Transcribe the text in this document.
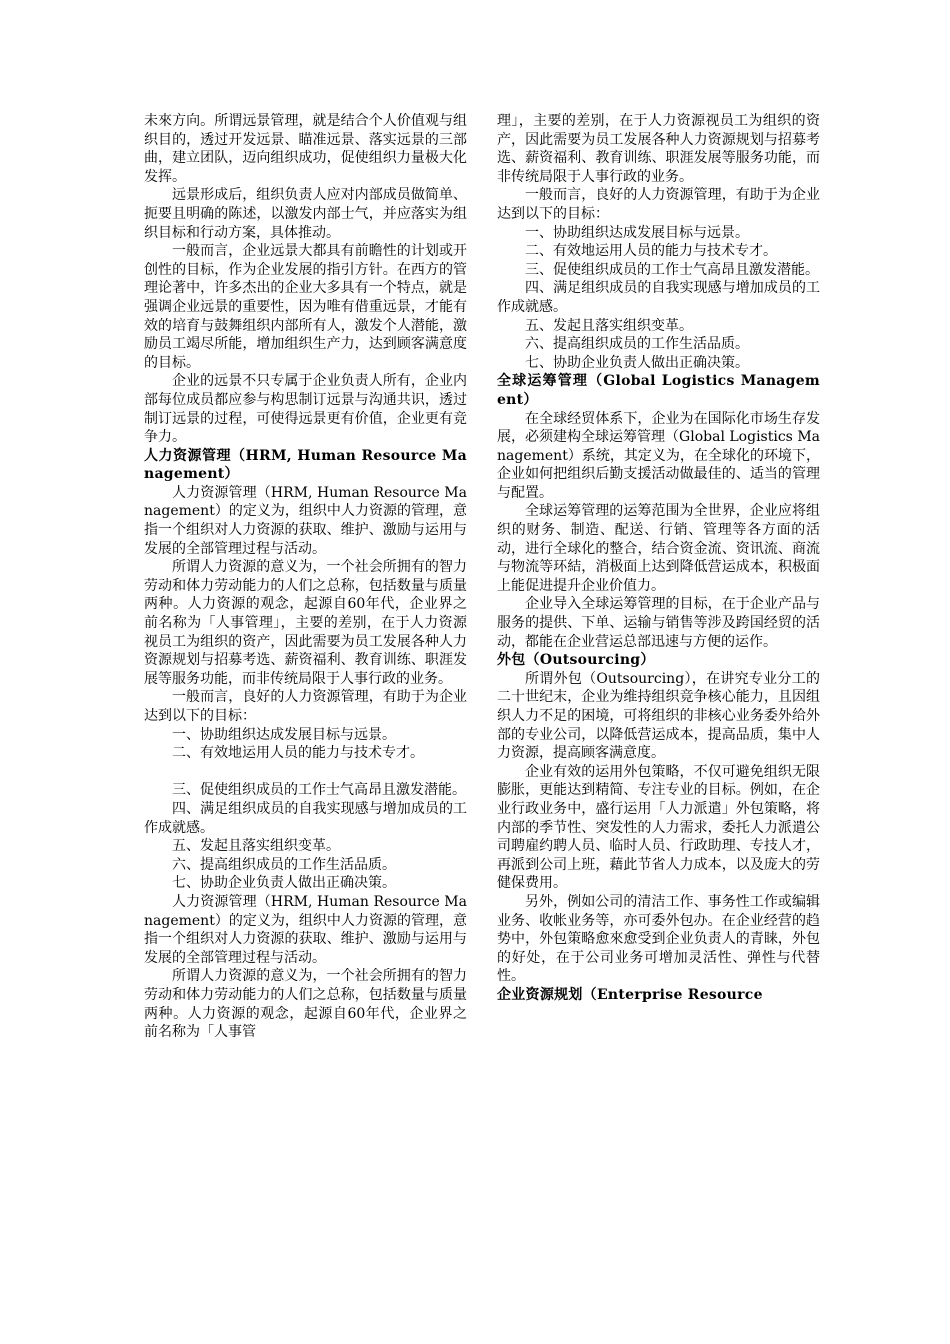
未來方向。所谓远景管理，就是结合个人价值观与组织目的，透过开发远景、瞄准远景、落实远景的三部曲，建立团队，迈向组织成功，促使组织力量极大化发挥。

远景形成后，组织负责人应对内部成员做简单、扼要且明确的陈述，以激发内部士气，并应落实为组织目标和行动方案，具体推动。

一般而言，企业远景大都具有前瞻性的计划或开创性的目标，作为企业发展的指引方针。在西方的管理论著中，许多杰出的企业大多具有一个特点，就是强调企业远景的重要性，因为唯有借重远景，才能有效的培育与鼓舞组织内部所有人，激发个人潜能，激励员工竭尽所能，增加组织生产力，达到顾客满意度的目标。

企业的远景不只专属于企业负责人所有，企业内部每位成员都应参与构思制订远景与沟通共识，透过制订远景的过程，可使得远景更有价值，企业更有竞争力。

人力资源管理（HRM, Human Resource Management）

人力资源管理（HRM, Human Resource Management）的定义为，组织中人力资源的管理，意指一个组织对人力资源的获取、维护、激励与运用与发展的全部管理过程与活动。

所谓人力资源的意义为，一个社会所拥有的智力劳动和体力劳动能力的人们之总称，包括数量与质量两种。人力资源的观念，起源自60年代，企业界之前名称为「人事管理」，主要的差别，在于人力资源视员工为组织的资产，因此需要为员工发展各种人力资源规划与招募考选、薪资福利、教育训练、职涯发展等服务功能，而非传统局限于人事行政的业务。

一般而言，良好的人力资源管理，有助于为企业达到以下的目标：

一、协助组织达成发展目标与远景。

二、有效地运用人员的能力与技术专才。

三、促使组织成员的工作士气高昂且激发潜能。

四、满足组织成员的自我实现感与增加成员的工作成就感。

五、发起且落实组织变革。

六、提高组织成员的工作生活品质。

七、协助企业负责人做出正确决策。

人力资源管理（HRM, Human Resource Management）的定义为，组织中人力资源的管理，意指一个组织对人力资源的获取、维护、激励与运用与发展的全部管理过程与活动。

所谓人力资源的意义为，一个社会所拥有的智力劳动和体力劳动能力的人们之总称，包括数量与质量两种。人力资源的观念，起源自60年代，企业界之前名称为「人事管

理」，主要的差别，在于人力资源视员工为组织的资产，因此需要为员工发展各种人力资源规划与招募考选、薪资福利、教育训练、职涯发展等服务功能，而非传统局限于人事行政的业务。

一般而言，良好的人力资源管理，有助于为企业达到以下的目标：

一、协助组织达成发展目标与远景。

二、有效地运用人员的能力与技术专才。

三、促使组织成员的工作士气高昂且激发潜能。

四、满足组织成员的自我实现感与增加成员的工作成就感。

五、发起且落实组织变革。

六、提高组织成员的工作生活品质。

七、协助企业负责人做出正确决策。

全球运筹管理（Global Logistics Management）

在全球经贸体系下，企业为在国际化市场生存发展，必须建构全球运筹管理（Global Logistics Management）系统，其定义为，在全球化的环境下，企业如何把组织后勤支援活动做最佳的、适当的管理与配置。

全球运筹管理的运筹范围为全世界，企业应将组织的财务、制造、配送、行销、管理等各方面的活动，进行全球化的整合，结合资金流、资讯流、商流与物流等环結，消极面上达到降低营运成本，积极面上能促进提升企业价值力。

企业导入全球运筹管理的目标，在于企业产品与服务的提供、下单、运输与销售等涉及跨国经贸的活动，都能在企业营运总部迅速与方便的运作。

外包（Outsourcing）

所谓外包（Outsourcing），在讲究专业分工的二十世纪末，企业为维持组织竞争核心能力，且因组织人力不足的困境，可将组织的非核心业务委外给外部的专业公司，以降低营运成本，提高品质，集中人力资源，提高顾客满意度。

企业有效的运用外包策略，不仅可避免组织无限膨胀，更能达到精简、专注专业的目标。例如，在企业行政业务中，盛行运用「人力派遣」外包策略，将内部的季节性、突发性的人力需求，委托人力派遣公司聘雇约聘人员、临时人员、行政助理、专技人才，再派到公司上班，藉此节省人力成本，以及庞大的劳健保费用。

另外，例如公司的清洁工作、事务性工作或编辑业务、收帐业务等，亦可委外包办。在企业经营的趋势中，外包策略愈來愈受到企业负责人的青睐，外包的好处，在于公司业务可增加灵活性、弹性与代替性。

企业资源规划（Enterprise Resource
